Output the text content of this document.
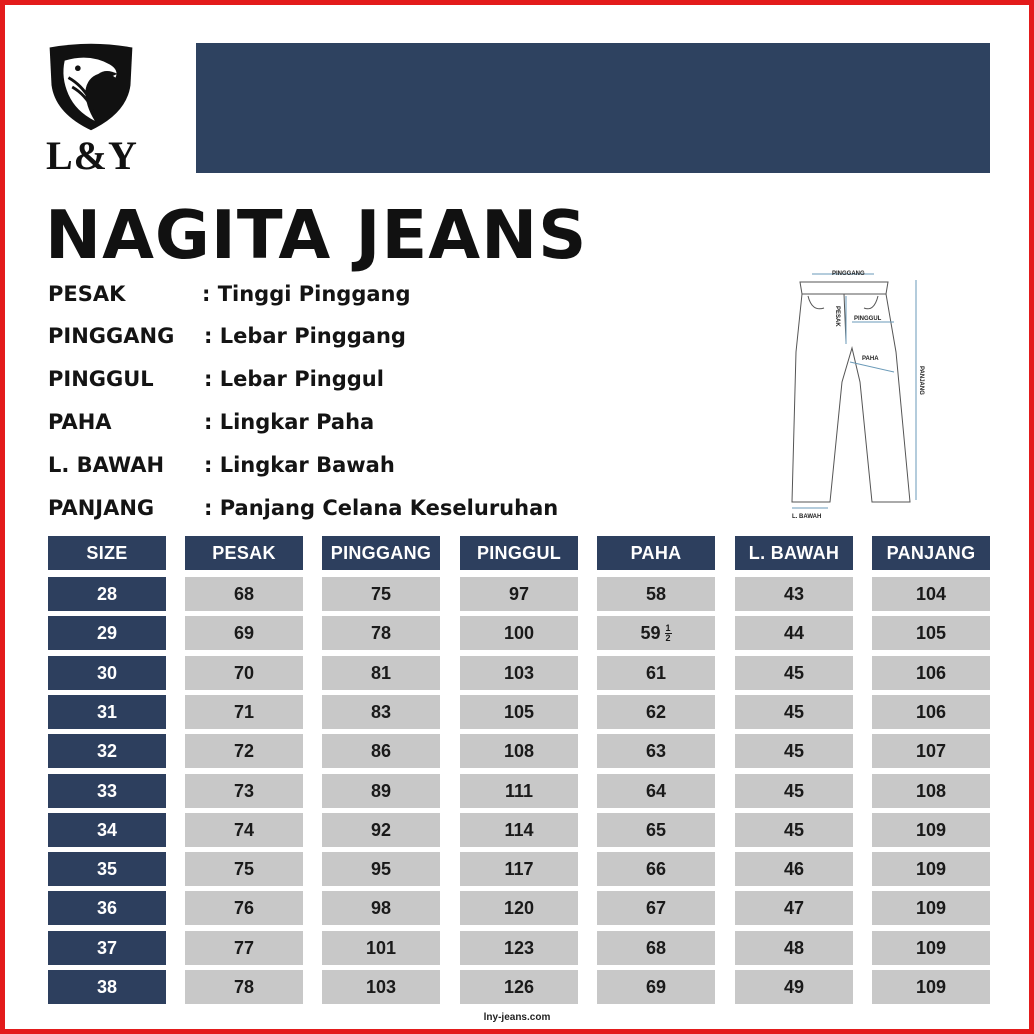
L&Y
NAGITA JEANS
PESAK	: Tinggi Pinggang
PINGGANG : Lebar Pinggang
PINGGUL : Lebar Pinggul
PAHA	: Lingkar Paha
L. BAWAH : Lingkar Bawah
PANJANG : Panjang Celana Keseluruhan
PINGGANG
PESAK PINGGUL
PAHA
PANJANG
L. BAWAH
SIZE	PESAK	PINGGANG	PINGGUL	PAHA	L. BAWAH	PANJANG
28	68	75	97	58	43	104
29	69	78	100	$59 \frac{1}{2}$	44	105
30	70	81	103	61	45	106
31	71	83	105	62	45	106
32	72	86	108	63	45	107
33	73	89	111	64	45	108
34	74	92	114	65	45	109
35	75	95	117	66	46	109
36	76	98	120	67	47	109
37	77	101	123	68	48	109
38	78	103	126	69	49	109
lny-jeans.com
